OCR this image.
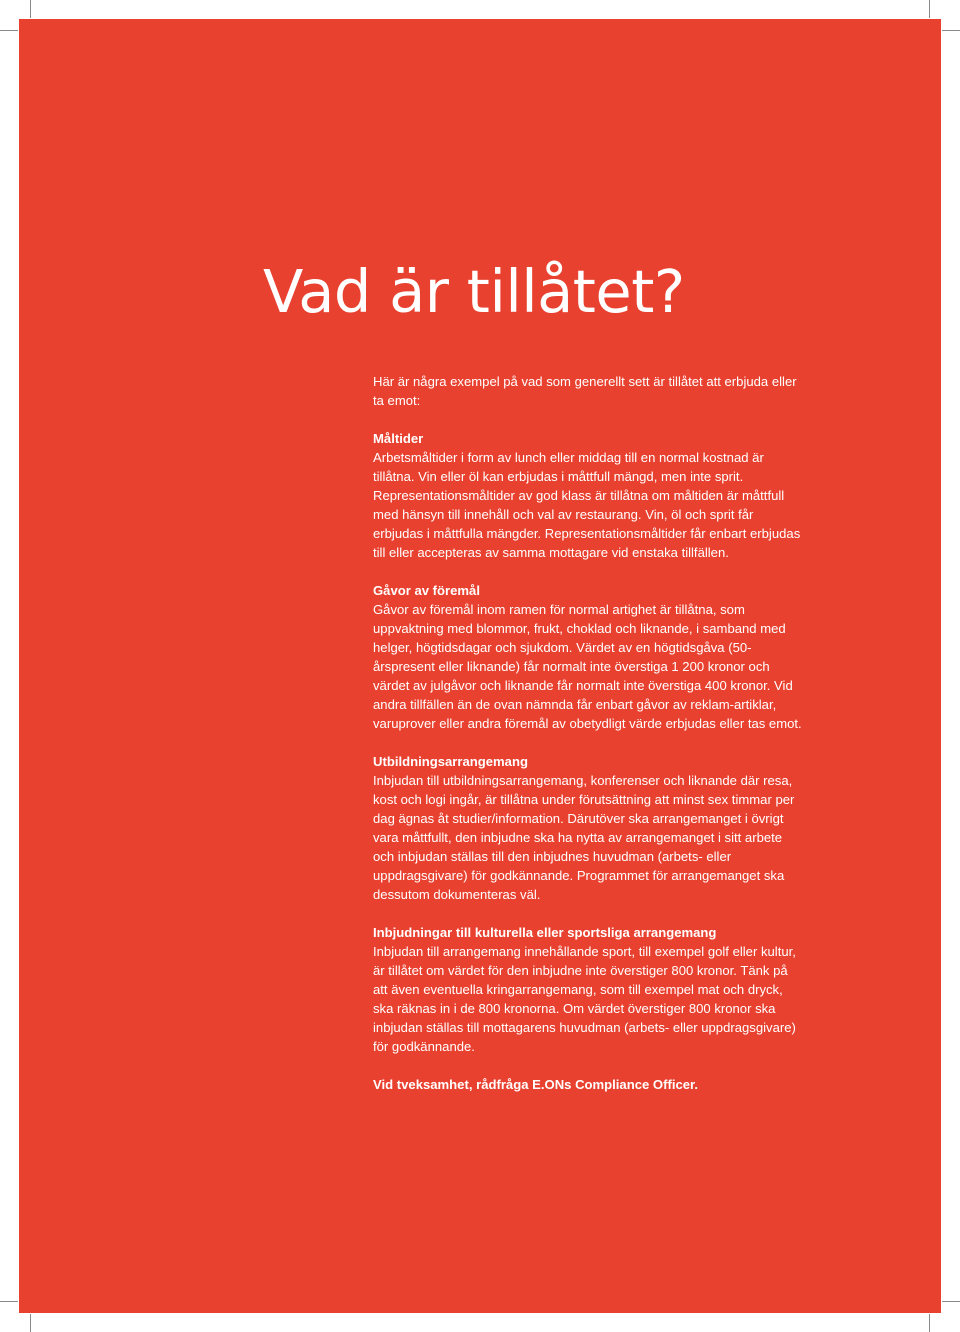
Vad är tillåtet?

Här är några exempel på vad som generellt sett är tillåtet att erbjuda eller ta emot:

Måltider

Arbetsmåltider i form av lunch eller middag till en normal kostnad är tillåtna. Vin eller öl kan erbjudas i måttfull mängd, men inte sprit. Representationsmåltider av god klass är tillåtna om måltiden är måttfull med hänsyn till innehåll och val av restaurang. Vin, öl och sprit får erbjudas i måttfulla mängder. Representationsmåltider får enbart erbjudas till eller accepteras av samma mottagare vid enstaka tillfällen.

Gåvor av föremål

Gåvor av föremål inom ramen för normal artighet är tillåtna, som uppvaktning med blommor, frukt, choklad och liknande, i samband med helger, högtidsdagar och sjukdom. Värdet av en högtidsgåva (50-årspresent eller liknande) får normalt inte överstiga 1 200 kronor och värdet av julgåvor och liknande får normalt inte överstiga 400 kronor. Vid andra tillfällen än de ovan nämnda får enbart gåvor av reklam-artiklar, varuprover eller andra föremål av obetydligt värde erbjudas eller tas emot.

Utbildningsarrangemang

Inbjudan till utbildningsarrangemang, konferenser och liknande där resa, kost och logi ingår, är tillåtna under förutsättning att minst sex timmar per dag ägnas åt studier/information. Därutöver ska arrangemanget i övrigt vara måttfullt, den inbjudne ska ha nytta av arrangemanget i sitt arbete och inbjudan ställas till den inbjudnes huvudman (arbets- eller uppdragsgivare) för godkännande. Programmet för arrangemanget ska dessutom dokumenteras väl.

Inbjudningar till kulturella eller sportsliga arrangemang

Inbjudan till arrangemang innehållande sport, till exempel golf eller kultur, är tillåtet om värdet för den inbjudne inte överstiger 800 kronor. Tänk på att även eventuella kringarrangemang, som till exempel mat och dryck, ska räknas in i de 800 kronorna. Om värdet överstiger 800 kronor ska inbjudan ställas till mottagarens huvudman (arbets- eller uppdragsgivare) för godkännande.

Vid tveksamhet, rådfråga E.ONs Compliance Officer.
